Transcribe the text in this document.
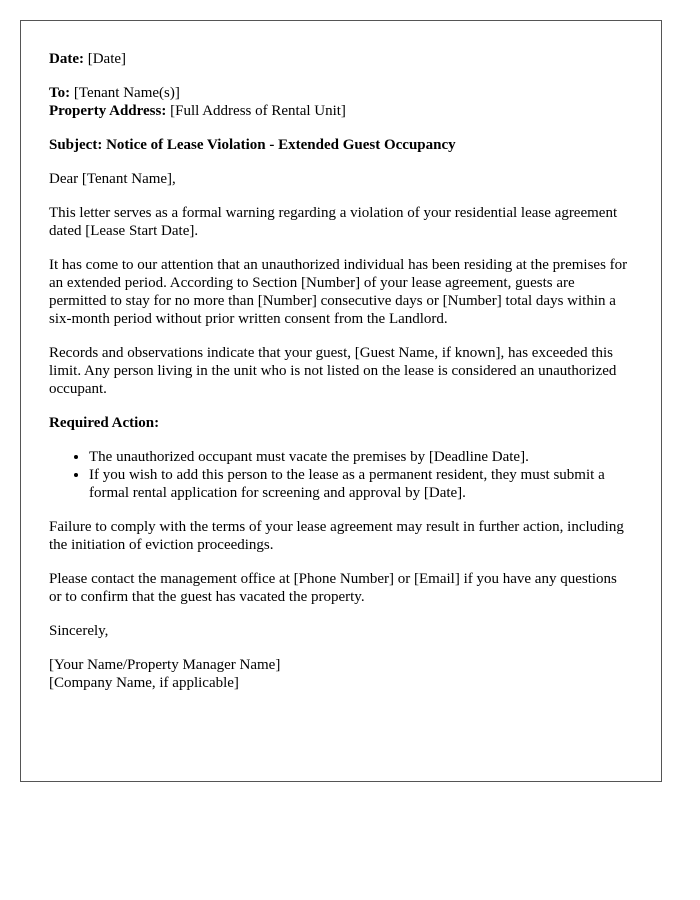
Date: [Date]

To: [Tenant Name(s)]
Property Address: [Full Address of Rental Unit]

Subject: Notice of Lease Violation - Extended Guest Occupancy

Dear [Tenant Name],

This letter serves as a formal warning regarding a violation of your residential lease agreement dated [Lease Start Date].

It has come to our attention that an unauthorized individual has been residing at the premises for an extended period. According to Section [Number] of your lease agreement, guests are permitted to stay for no more than [Number] consecutive days or [Number] total days within a six-month period without prior written consent from the Landlord.

Records and observations indicate that your guest, [Guest Name, if known], has exceeded this limit. Any person living in the unit who is not listed on the lease is considered an unauthorized occupant.

Required Action:

• The unauthorized occupant must vacate the premises by [Deadline Date].
• If you wish to add this person to the lease as a permanent resident, they must submit a formal rental application for screening and approval by [Date].

Failure to comply with the terms of your lease agreement may result in further action, including the initiation of eviction proceedings.

Please contact the management office at [Phone Number] or [Email] if you have any questions or to confirm that the guest has vacated the property.

Sincerely,

[Your Name/Property Manager Name]
[Company Name, if applicable]
